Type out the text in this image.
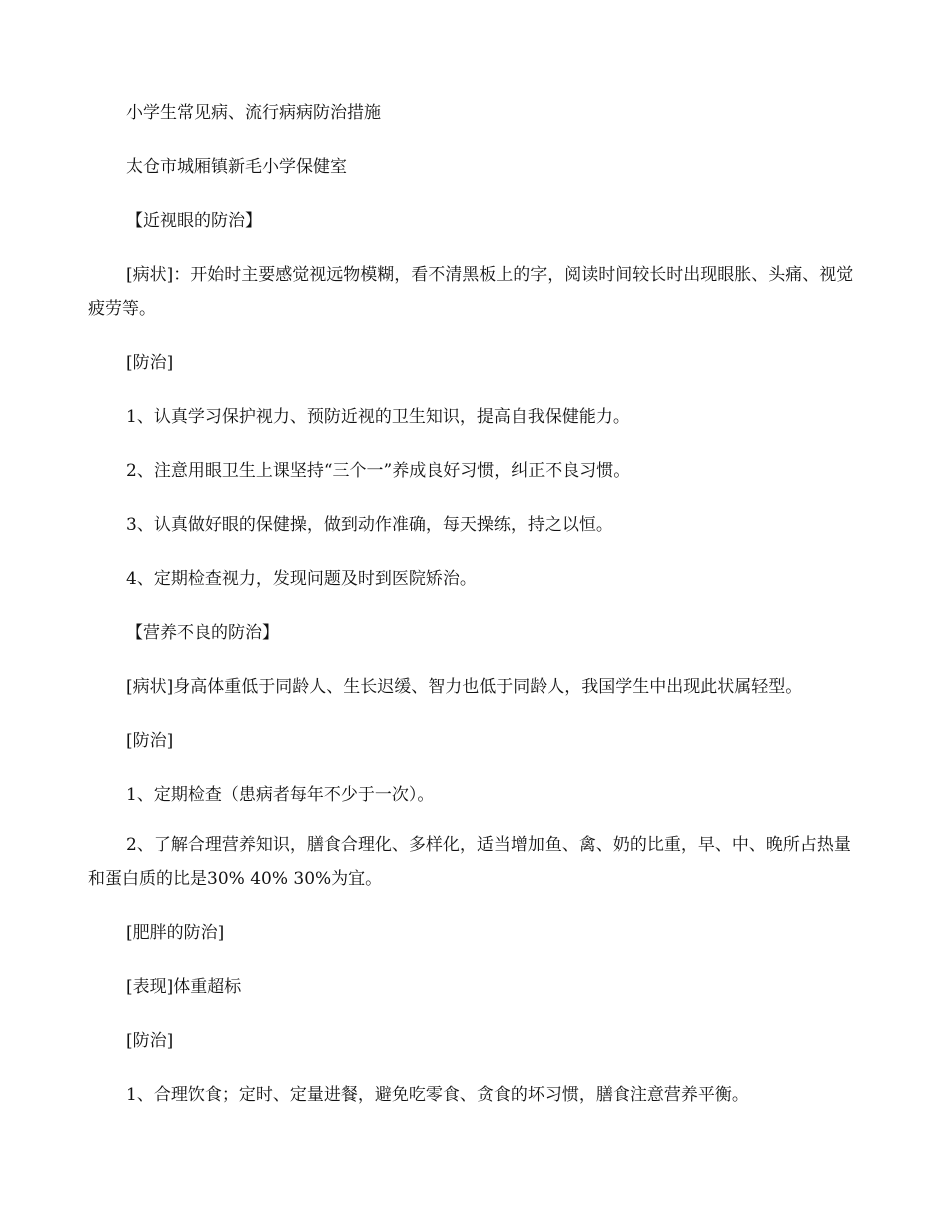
小学生常见病、流行病病防治措施

太仓市城厢镇新毛小学保健室

【近视眼的防治】

[病状]：开始时主要感觉视远物模糊，看不清黑板上的字，阅读时间较长时出现眼胀、头痛、视觉疲劳等。

[防治]

1、认真学习保护视力、预防近视的卫生知识，提高自我保健能力。

2、注意用眼卫生上课坚持“三个一”养成良好习惯，纠正不良习惯。

3、认真做好眼的保健操，做到动作准确，每天操练，持之以恒。

4、定期检查视力，发现问题及时到医院矫治。

【营养不良的防治】

[病状]身高体重低于同龄人、生长迟缓、智力也低于同龄人，我国学生中出现此状属轻型。

[防治]

1、定期检查（患病者每年不少于一次）。

2、了解合理营养知识，膳食合理化、多样化，适当增加鱼、禽、奶的比重，早、中、晚所占热量和蛋白质的比是30% 40% 30%为宜。

[肥胖的防治]

[表现]体重超标

[防治]

1、合理饮食；定时、定量进餐，避免吃零食、贪食的坏习惯，膳食注意营养平衡。
